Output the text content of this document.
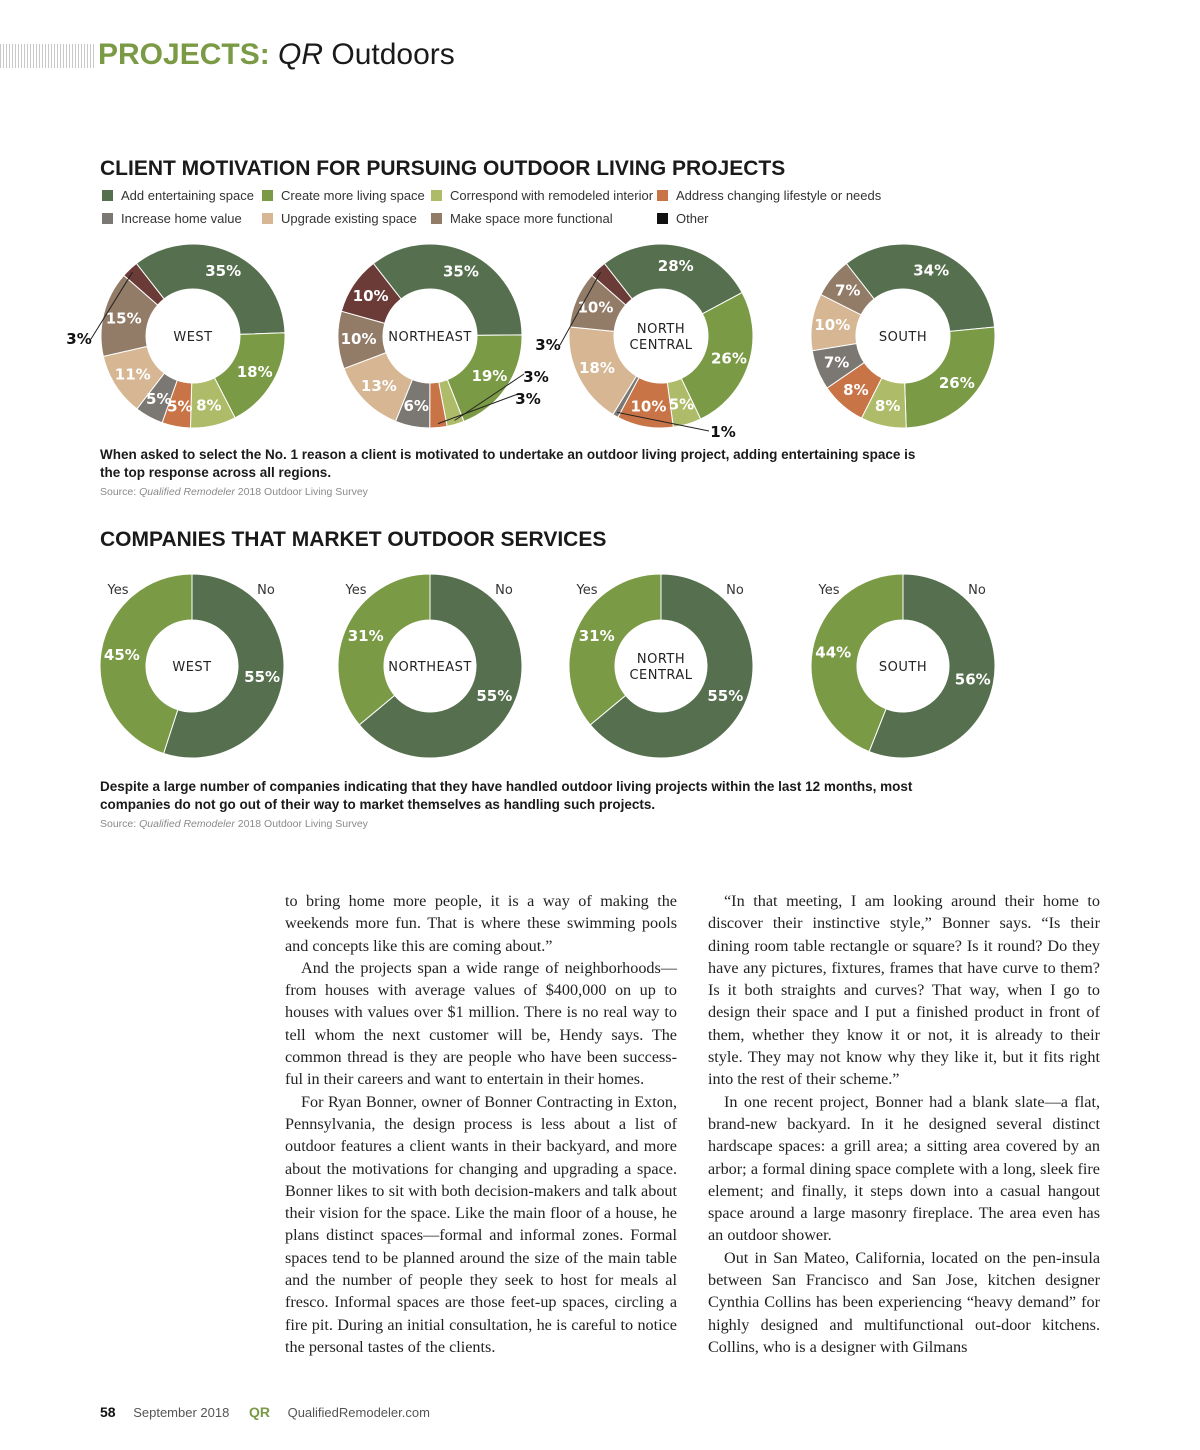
PROJECTS: QR Outdoors
CLIENT MOTIVATION FOR PURSUING OUTDOOR LIVING PROJECTS
Add entertaining space	Create more living space	Correspond with remodeled interior	Address changing lifestyle or needs
Increase home value	Upgrade existing space	Make space more functional	Other
WEST
35%
18%
8%
5%
5%
11%
15%
3%	NORTHEAST
35%
19% 3%
3%
6%
13%
10%
10%
NORTH
CENTRAL
28%
26%
5%
10%
1%
18%
10%
3%	SOUTH
34%
26%
8%
8%
7%
10%
7%
When asked to select the No. 1 reason a client is motivated to undertake an outdoor living project, adding entertaining space is the top response across all regions.
Source: Qualified Remodeler 2018 Outdoor Living Survey
COMPANIES THAT MARKET OUTDOOR SERVICES
WEST
55%
45%
Yes	No
NORTHEAST
55%
31%
Yes	No
NORTH
CENTRAL
55%
31%
Yes	No
SOUTH
56%
44%
Yes	No
Despite a large number of companies indicating that they have handled outdoor living projects within the last 12 months, most companies do not go out of their way to market themselves as handling such projects.
Source: Qualified Remodeler 2018 Outdoor Living Survey

to bring home more people, it is a way of making the weekends more fun. That is where these swimming pools and concepts like this are coming about.”

And the projects span a wide range of neighborhoods—from houses with average values of $400,000 on up to houses with values over $1 million. There is no real way to tell whom the next customer will be, Hendy says. The common thread is they are people who have been success-ful in their careers and want to entertain in their homes.

For Ryan Bonner, owner of Bonner Contracting in Exton, Pennsylvania, the design process is less about a list of outdoor features a client wants in their backyard, and more about the motivations for changing and upgrading a space. Bonner likes to sit with both decision-makers and talk about their vision for the space. Like the main floor of a house, he plans distinct spaces—formal and informal zones. Formal spaces tend to be planned around the size of the main table and the number of people they seek to host for meals al fresco. Informal spaces are those feet-up spaces, circling a fire pit. During an initial consultation, he is careful to notice the personal tastes of the clients.

“In that meeting, I am looking around their home to discover their instinctive style,” Bonner says. “Is their dining room table rectangle or square? Is it round? Do they have any pictures, fixtures, frames that have curve to them? Is it both straights and curves? That way, when I go to design their space and I put a finished product in front of them, whether they know it or not, it is already to their style. They may not know why they like it, but it fits right into the rest of their scheme.”

In one recent project, Bonner had a blank slate—a flat, brand-new backyard. In it he designed several distinct hardscape spaces: a grill area; a sitting area covered by an arbor; a formal dining space complete with a long, sleek fire element; and finally, it steps down into a casual hangout space around a large masonry fireplace. The area even has an outdoor shower.

Out in San Mateo, California, located on the pen-insula between San Francisco and San Jose, kitchen designer Cynthia Collins has been experiencing “heavy demand” for highly designed and multifunctional out-door kitchens. Collins, who is a designer with Gilmans

58 September 2018 QR QualifiedRemodeler.com
